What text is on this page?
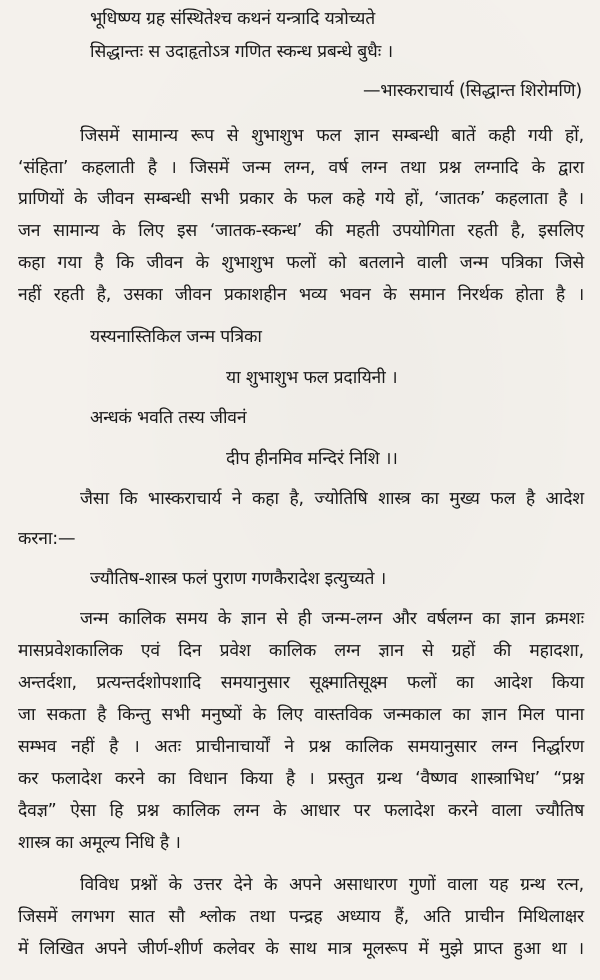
भूधिष्ण्य ग्रह संस्थितेश्च कथनं यन्त्रादि यत्रोच्यते
सिद्धान्तः स उदाहृतोऽत्र गणित स्कन्ध प्रबन्धे बुधैः ।
—भास्कराचार्य (सिद्धान्त शिरोमणि)
जिसमें सामान्य रूप से शुभाशुभ फल ज्ञान सम्बन्धी बातें कही गयी हों,
‘संहिता’ कहलाती है । जिसमें जन्म लग्न, वर्ष लग्न तथा प्रश्न लग्नादि के द्वारा
प्राणियों के जीवन सम्बन्धी सभी प्रकार के फल कहे गये हों, ‘जातक’ कहलाता है ।
जन सामान्य के लिए इस ‘जातक-स्कन्ध’ की महती उपयोगिता रहती है, इसलिए
कहा गया है कि जीवन के शुभाशुभ फलों को बतलाने वाली जन्म पत्रिका जिसे
नहीं रहती है, उसका जीवन प्रकाशहीन भव्य भवन के समान निरर्थक होता है ।
यस्यनास्तिकिल जन्म पत्रिका
या शुभाशुभ फल प्रदायिनी ।
अन्धकं भवति तस्य जीवनं
दीप हीनमिव मन्दिरं निशि ।।
जैसा कि भास्कराचार्य ने कहा है, ज्योतिषि शास्त्र का मुख्य फल है आदेश
करना:—
ज्यौतिष-शास्त्र फलं पुराण गणकैरादेश इत्युच्यते ।
जन्म कालिक समय के ज्ञान से ही जन्म-लग्न और वर्षलग्न का ज्ञान क्रमशः
मासप्रवेशकालिक एवं दिन प्रवेश कालिक लग्न ज्ञान से ग्रहों की महादशा,
अन्तर्दशा, प्रत्यन्तर्दशोपशादि समयानुसार सूक्ष्मातिसूक्ष्म फलों का आदेश किया
जा सकता है किन्तु सभी मनुष्यों के लिए वास्तविक जन्मकाल का ज्ञान मिल पाना
सम्भव नहीं है । अतः प्राचीनाचार्यों ने प्रश्न कालिक समयानुसार लग्न निर्द्धारण
कर फलादेश करने का विधान किया है । प्रस्तुत ग्रन्थ ‘वैष्णव शास्त्राभिध’ “प्रश्न
दैवज्ञ” ऐसा हि प्रश्न कालिक लग्न के आधार पर फलादेश करने वाला ज्यौतिष
शास्त्र का अमूल्य निधि है ।
विविध प्रश्नों के उत्तर देने के अपने असाधारण गुणों वाला यह ग्रन्थ रत्न,
जिसमें लगभग सात सौ श्लोक तथा पन्द्रह अध्याय हैं, अति प्राचीन मिथिलाक्षर
में लिखित अपने जीर्ण-शीर्ण कलेवर के साथ मात्र मूलरूप में मुझे प्राप्त हुआ था ।
